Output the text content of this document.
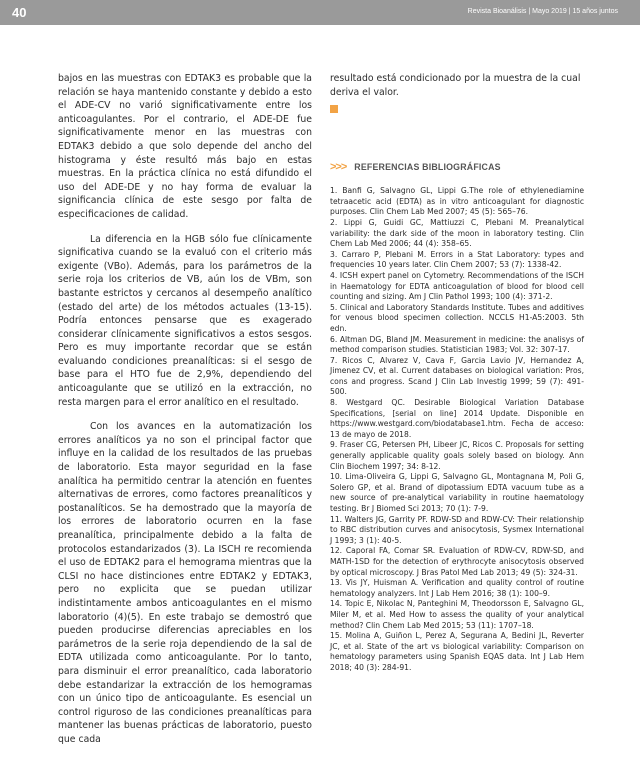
40	Revista Bioanálisis | Mayo 2019 | 15 años juntos

bajos en las muestras con EDTAK3 es probable que la relación se haya mantenido constante y debido a esto el ADE-CV no varió significativamente entre los anticoagulantes. Por el contrario, el ADE-DE fue significativamente menor en las muestras con EDTAK3 debido a que solo depende del ancho del histograma y éste resultó más bajo en estas muestras. En la práctica clínica no está difundido el uso del ADE-DE y no hay forma de evaluar la significancia clínica de este sesgo por falta de especificaciones de calidad.

La diferencia en la HGB sólo fue clínicamente significativa cuando se la evaluó con el criterio más exigente (VBo). Además, para los parámetros de la serie roja los criterios de VB, aún los de VBm, son bastante estrictos y cercanos al desempeño analítico (estado del arte) de los métodos actuales (13-15). Podría entonces pensarse que es exagerado considerar clínicamente significativos a estos sesgos. Pero es muy importante recordar que se están evaluando condiciones preanalíticas: si el sesgo de base para el HTO fue de 2,9%, dependiendo del anticoagulante que se utilizó en la extracción, no resta margen para el error analítico en el resultado.

Con los avances en la automatización los errores analíticos ya no son el principal factor que influye en la calidad de los resultados de las pruebas de laboratorio. Esta mayor seguridad en la fase analítica ha permitido centrar la atención en fuentes alternativas de errores, como factores preanalíticos y postanalíticos. Se ha demostrado que la mayoría de los errores de laboratorio ocurren en la fase preanalítica, principalmente debido a la falta de protocolos estandarizados (3). La ISCH re recomienda el uso de EDTAK2 para el hemograma mientras que la CLSI no hace distinciones entre EDTAK2 y EDTAK3, pero no explicita que se puedan utilizar indistintamente ambos anticoagulantes en el mismo laboratorio (4)(5). En este trabajo se demostró que pueden producirse diferencias apreciables en los parámetros de la serie roja dependiendo de la sal de EDTA utilizada como anticoagulante. Por lo tanto, para disminuir el error preanalítico, cada laboratorio debe estandarizar la extracción de los hemogramas con un único tipo de anticoagulante. Es esencial un control riguroso de las condiciones preanalíticas para mantener las buenas prácticas de laboratorio, puesto que cada

resultado está condicionado por la muestra de la cual deriva el valor.

>>> REFERENCIAS BIBLIOGRÁFICAS

1. Banfi G, Salvagno GL, Lippi G.The role of ethylenediamine tetraacetic acid (EDTA) as in vitro anticoagulant for diagnostic purposes. Clin Chem Lab Med 2007; 45 (5): 565–76.

2. Lippi G, Guidi GC, Mattiuzzi C, Plebani M. Preanalytical variability: the dark side of the moon in laboratory testing. Clin Chem Lab Med 2006; 44 (4): 358–65.

3. Carraro P, Plebani M. Errors in a Stat Laboratory: types and frequencies 10 years later. Clin Chem 2007; 53 (7): 1338-42.

4. ICSH expert panel on Cytometry. Recommendations of the ISCH in Haematology for EDTA anticoagulation of blood for blood cell counting and sizing. Am J Clin Pathol 1993; 100 (4): 371-2.

5. Clinical and Laboratory Standards Institute. Tubes and additives for venous blood specimen collection. NCCLS H1-A5:2003. 5th edn.

6. Altman DG, Bland JM. Measurement in medicine: the analisys of method comparison studies. Statistician 1983; Vol. 32: 307-17.

7. Ricos C, Alvarez V, Cava F, Garcia Lavio JV, Hernandez A, Jimenez CV, et al. Current databases on biological variation: Pros, cons and progress. Scand J Clin Lab Investig 1999; 59 (7): 491-500.

8. Westgard QC. Desirable Biological Variation Database Specifications, [serial on line] 2014 Update. Disponible en https://www.westgard.com/biodatabase1.htm. Fecha de acceso: 13 de mayo de 2018.

9. Fraser CG, Petersen PH, Libeer JC, Ricos C. Proposals for setting generally applicable quality goals solely based on biology. Ann Clin Biochem 1997; 34: 8-12.

10. Lima-Oliveira G, Lippi G, Salvagno GL, Montagnana M, Poli G, Solero GP, et al. Brand of dipotassium EDTA vacuum tube as a new source of pre-analytical variability in routine haematology testing. Br J Biomed Sci 2013; 70 (1): 7-9.

11. Walters JG, Garrity PF. RDW-SD and RDW-CV: Their relationship to RBC distribution curves and anisocytosis, Sysmex International J 1993; 3 (1): 40-5.

12. Caporal FA, Comar SR. Evaluation of RDW-CV, RDW-SD, and MATH-1SD for the detection of erythrocyte anisocytosis observed by optical microscopy. J Bras Patol Med Lab 2013; 49 (5): 324-31.

13. Vis JY, Huisman A. Verification and quality control of routine hematology analyzers. Int J Lab Hem 2016; 38 (1): 100–9.

14. Topic E, Nikolac N, Panteghini M, Theodorsson E, Salvagno GL, Miler M, et al. Med How to assess the quality of your analytical method? Clin Chem Lab Med 2015; 53 (11): 1707–18.

15. Molina A, Guiñon L, Perez A, Segurana A, Bedini JL, Reverter JC, et al. State of the art vs biological variability: Comparison on hematology parameters using Spanish EQAS data. Int J Lab Hem 2018; 40 (3): 284-91.
